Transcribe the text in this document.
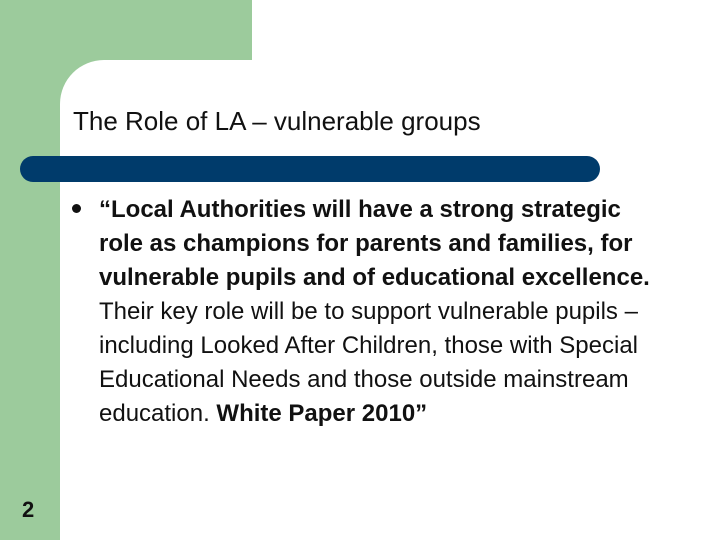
The Role of LA – vulnerable groups

“Local Authorities will have a strong strategic role as champions for parents and families, for vulnerable pupils and of educational excellence. Their key role will be to support vulnerable pupils – including Looked After Children, those with Special Educational Needs and those outside mainstream education. White Paper 2010”

2
